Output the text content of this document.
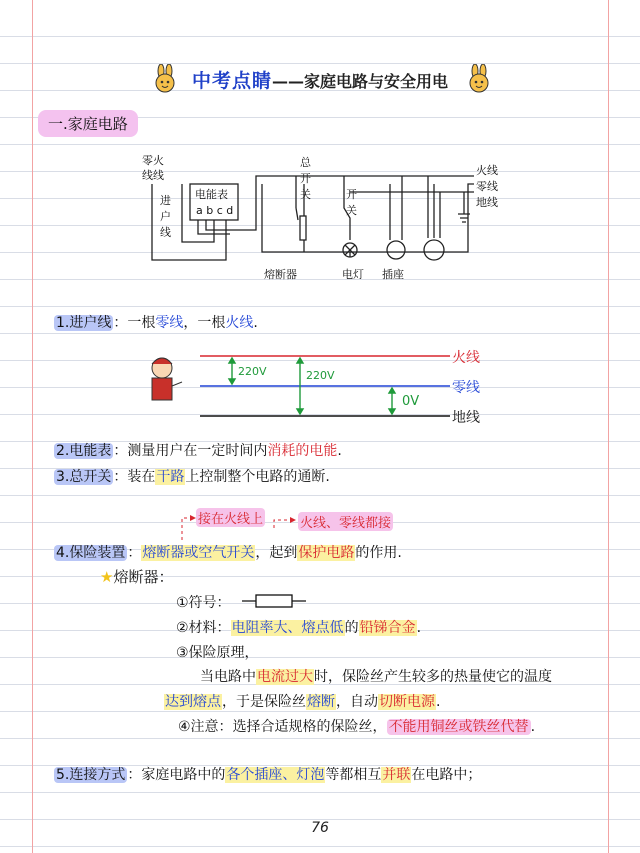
中考点睛——家庭电路与安全用电
一.家庭电路
零火
线线
进
户
线
电能表
a b c d
总
开
关	开
关
火线
零线
地线
熔断器	电灯 插座
1.进户线 ：一根零线，一根火线.
220V	220V
0V
火线
零线
地线
2.电能表 ：测量用户在一定时间内消耗的电能.
3.总开关 ：装在干路上控制整个电路的通断.
接在火线上	火线、零线都接
4.保险装置 ：熔断器或空气开关，起到保护电路的作用.
★熔断器：
①符号：
②材料：电阻率大、熔点低的铅锑合金.
③保险原理，
当电路中电流过大时，保险丝产生较多的热量使它的温度
达到熔点，于是保险丝熔断，自动切断电源.
④注意：选择合适规格的保险丝， 不能用铜丝或铁丝代替 .
5.连接方式 ：家庭电路中的各个插座、灯泡等都相互并联在电路中；
76
